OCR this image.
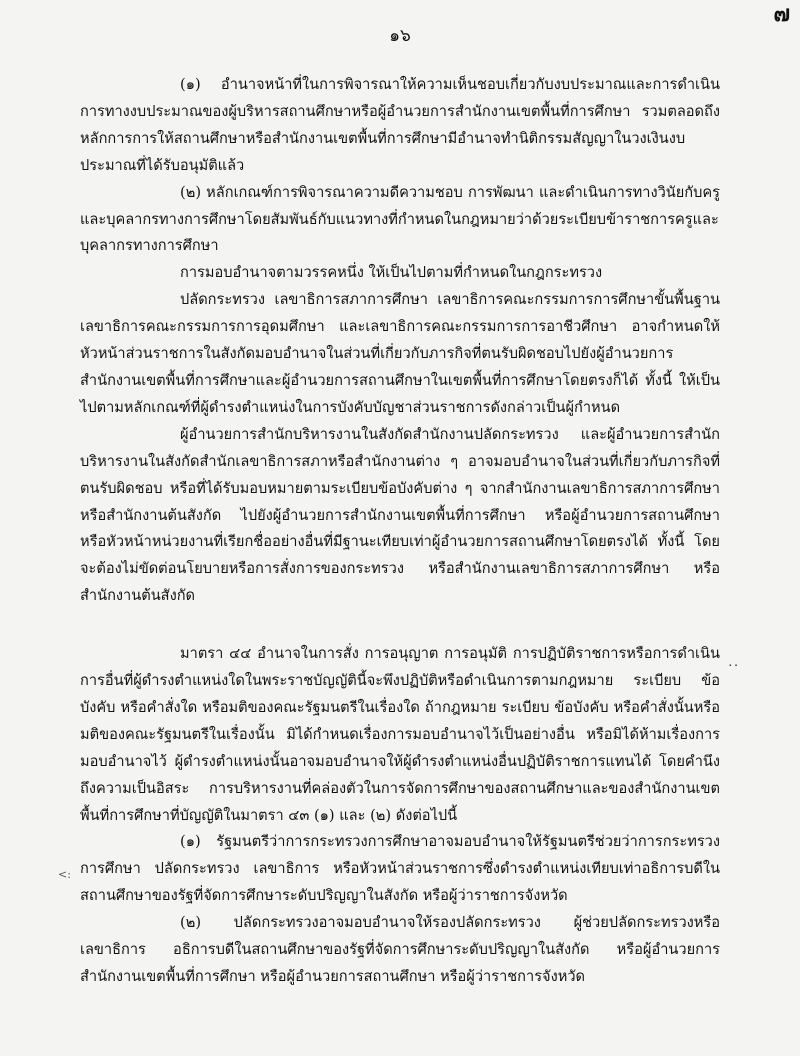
๑๖
๗
<:
..

(๑) อำนาจหน้าที่ในการพิจารณาให้ความเห็นชอบเกี่ยวกับงบประมาณและการดำเนินการทางงบประมาณของผู้บริหารสถานศึกษาหรือผู้อำนวยการสำนักงานเขตพื้นที่การศึกษา รวมตลอดถึงหลักการการให้สถานศึกษาหรือสำนักงานเขตพื้นที่การศึกษามีอำนาจทำนิติกรรมสัญญาในวงเงินงบประมาณที่ได้รับอนุมัติแล้ว

(๒) หลักเกณฑ์การพิจารณาความดีความชอบ การพัฒนา และดำเนินการทางวินัยกับครูและบุคลากรทางการศึกษาโดยสัมพันธ์กับแนวทางที่กำหนดในกฎหมายว่าด้วยระเบียบข้าราชการครูและบุคลากรทางการศึกษา

การมอบอำนาจตามวรรคหนึ่ง ให้เป็นไปตามที่กำหนดในกฎกระทรวง

ปลัดกระทรวง เลขาธิการสภาการศึกษา เลขาธิการคณะกรรมการการศึกษาขั้นพื้นฐาน เลขาธิการคณะกรรมการการอุดมศึกษา และเลขาธิการคณะกรรมการการอาชีวศึกษา อาจกำหนดให้หัวหน้าส่วนราชการในสังกัดมอบอำนาจในส่วนที่เกี่ยวกับภารกิจที่ตนรับผิดชอบไปยังผู้อำนวยการสำนักงานเขตพื้นที่การศึกษาและผู้อำนวยการสถานศึกษาในเขตพื้นที่การศึกษาโดยตรงก็ได้ ทั้งนี้ ให้เป็นไปตามหลักเกณฑ์ที่ผู้ดำรงตำแหน่งในการบังคับบัญชาส่วนราชการดังกล่าวเป็นผู้กำหนด

ผู้อำนวยการสำนักบริหารงานในสังกัดสำนักงานปลัดกระทรวง และผู้อำนวยการสำนักบริหารงานในสังกัดสำนักเลขาธิการสภาหรือสำนักงานต่าง ๆ อาจมอบอำนาจในส่วนที่เกี่ยวกับภารกิจที่ตนรับผิดชอบ หรือที่ได้รับมอบหมายตามระเบียบข้อบังคับต่าง ๆ จากสำนักงานเลขาธิการสภาการศึกษาหรือสำนักงานต้นสังกัด ไปยังผู้อำนวยการสำนักงานเขตพื้นที่การศึกษา หรือผู้อำนวยการสถานศึกษา หรือหัวหน้าหน่วยงานที่เรียกชื่ออย่างอื่นที่มีฐานะเทียบเท่าผู้อำนวยการสถานศึกษาโดยตรงได้ ทั้งนี้ โดยจะต้องไม่ขัดต่อนโยบายหรือการสั่งการของกระทรวง หรือสำนักงานเลขาธิการสภาการศึกษา หรือสำนักงานต้นสังกัด

มาตรา ๔๔ อำนาจในการสั่ง การอนุญาต การอนุมัติ การปฏิบัติราชการหรือการดำเนินการอื่นที่ผู้ดำรงตำแหน่งใดในพระราชบัญญัตินี้จะพึงปฏิบัติหรือดำเนินการตามกฎหมาย ระเบียบ ข้อบังคับ หรือคำสั่งใด หรือมติของคณะรัฐมนตรีในเรื่องใด ถ้ากฎหมาย ระเบียบ ข้อบังคับ หรือคำสั่งนั้นหรือมติของคณะรัฐมนตรีในเรื่องนั้น มิได้กำหนดเรื่องการมอบอำนาจไว้เป็นอย่างอื่น หรือมิได้ห้ามเรื่องการมอบอำนาจไว้ ผู้ดำรงตำแหน่งนั้นอาจมอบอำนาจให้ผู้ดำรงตำแหน่งอื่นปฏิบัติราชการแทนได้ โดยคำนึงถึงความเป็นอิสระ การบริหารงานที่คล่องตัวในการจัดการศึกษาของสถานศึกษาและของสำนักงานเขตพื้นที่การศึกษาที่บัญญัติในมาตรา ๔๓ (๑) และ (๒) ดังต่อไปนี้

(๑) รัฐมนตรีว่าการกระทรวงการศึกษาอาจมอบอำนาจให้รัฐมนตรีช่วยว่าการกระทรวงการศึกษา ปลัดกระทรวง เลขาธิการ หรือหัวหน้าส่วนราชการซึ่งดำรงตำแหน่งเทียบเท่าอธิการบดีในสถานศึกษาของรัฐที่จัดการศึกษาระดับปริญญาในสังกัด หรือผู้ว่าราชการจังหวัด

(๒) ปลัดกระทรวงอาจมอบอำนาจให้รองปลัดกระทรวง ผู้ช่วยปลัดกระทรวงหรือเลขาธิการ อธิการบดีในสถานศึกษาของรัฐที่จัดการศึกษาระดับปริญญาในสังกัด หรือผู้อำนวยการสำนักงานเขตพื้นที่การศึกษา หรือผู้อำนวยการสถานศึกษา หรือผู้ว่าราชการจังหวัด
